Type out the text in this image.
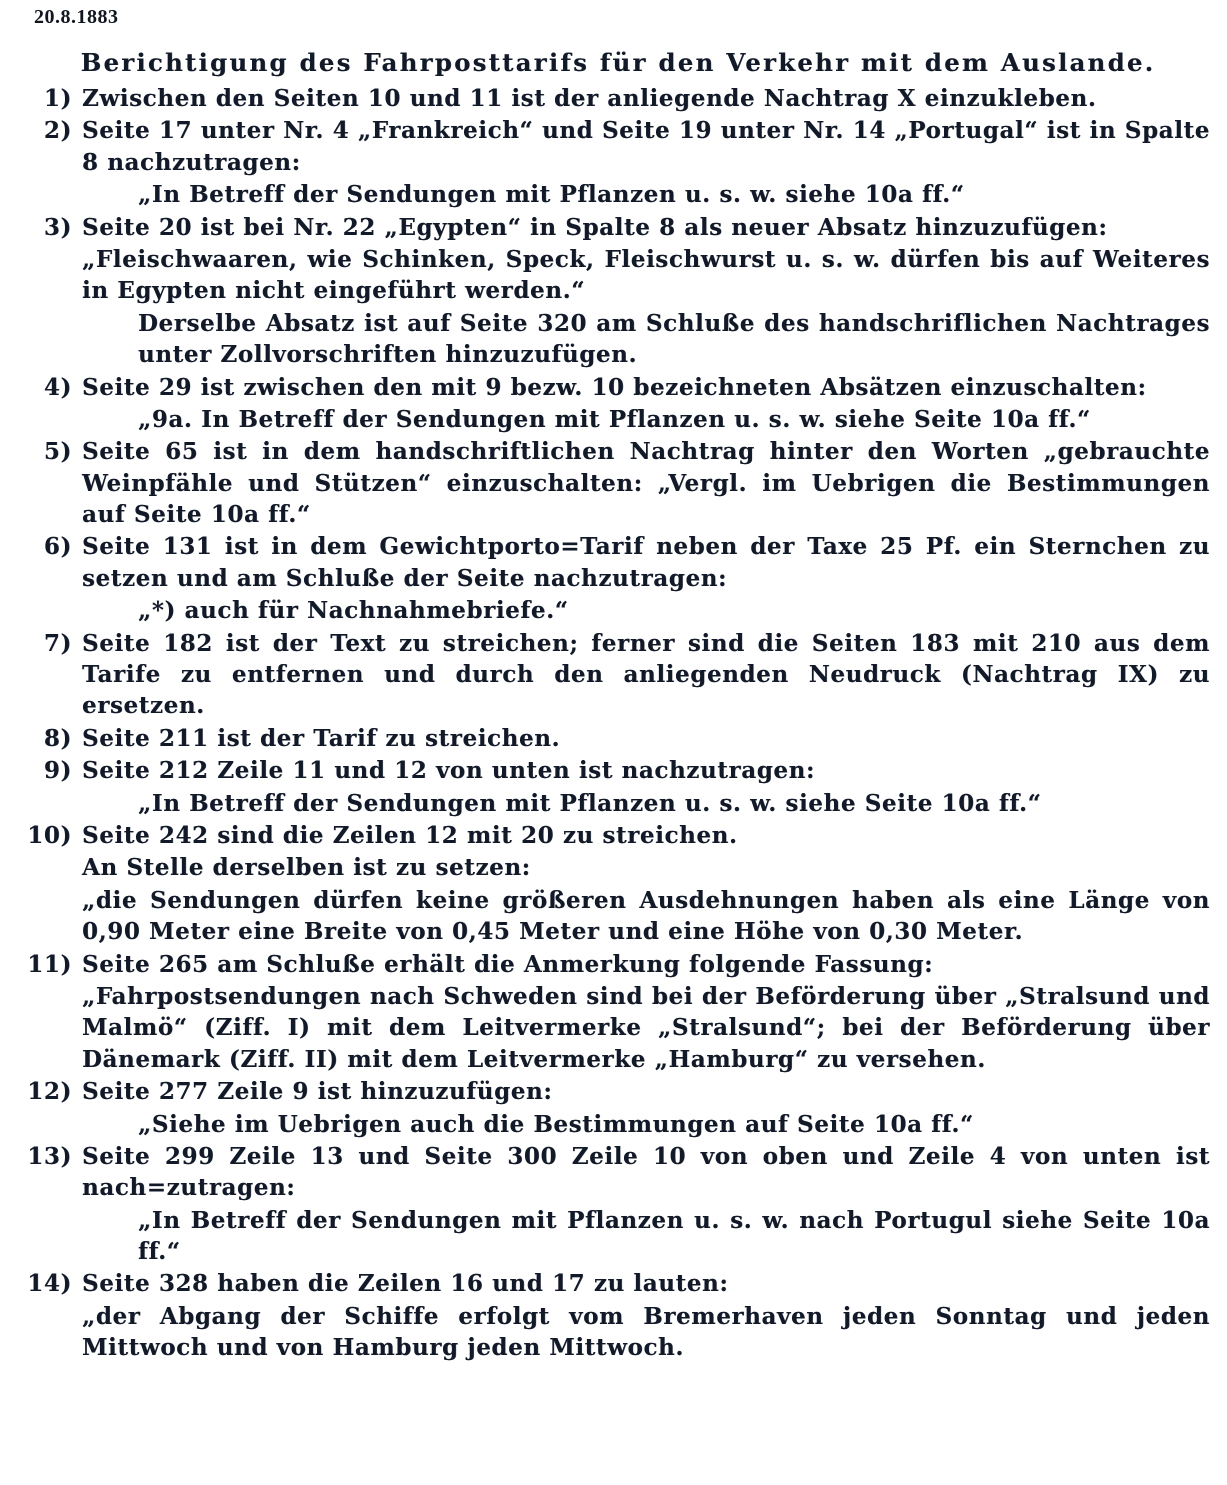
20.8.1883
Berichtigung des Fahrposttarifs für den Verkehr mit dem Auslande.
1) Zwischen den Seiten 10 und 11 ist der anliegende Nachtrag X einzukleben.
2) Seite 17 unter Nr. 4 „Frankreich“ und Seite 19 unter Nr. 14 „Portugal“ ist in Spalte 8 nachzutragen:
„In Betreff der Sendungen mit Pflanzen u. s. w. siehe 10a ff.“
3) Seite 20 ist bei Nr. 22 „Egypten“ in Spalte 8 als neuer Absatz hinzuzufügen:
„Fleischwaaren, wie Schinken, Speck, Fleischwurst u. s. w. dürfen bis auf Weiteres in Egypten nicht eingeführt werden.“
Derselbe Absatz ist auf Seite 320 am Schluße des handschriflichen Nachtrages unter Zollvorschriften hinzuzufügen.
4) Seite 29 ist zwischen den mit 9 bezw. 10 bezeichneten Absätzen einzuschalten:
„9a. In Betreff der Sendungen mit Pflanzen u. s. w. siehe Seite 10a ff.“
5) Seite 65 ist in dem handschriftlichen Nachtrag hinter den Worten „gebrauchte Weinpfähle und Stützen“ einzuschalten: „Vergl. im Uebrigen die Bestimmungen auf Seite 10a ff.“
6) Seite 131 ist in dem Gewichtporto=Tarif neben der Taxe 25 Pf. ein Sternchen zu setzen und am Schluße der Seite nachzutragen:
„*) auch für Nachnahmebriefe.“
7) Seite 182 ist der Text zu streichen; ferner sind die Seiten 183 mit 210 aus dem Tarife zu entfernen und durch den anliegenden Neudruck (Nachtrag IX) zu ersetzen.
8) Seite 211 ist der Tarif zu streichen.
9) Seite 212 Zeile 11 und 12 von unten ist nachzutragen:
„In Betreff der Sendungen mit Pflanzen u. s. w. siehe Seite 10a ff.“
10) Seite 242 sind die Zeilen 12 mit 20 zu streichen.
An Stelle derselben ist zu setzen:
„die Sendungen dürfen keine größeren Ausdehnungen haben als eine Länge von 0,90 Meter eine Breite von 0,45 Meter und eine Höhe von 0,30 Meter.
11) Seite 265 am Schluße erhält die Anmerkung folgende Fassung:
„Fahrpostsendungen nach Schweden sind bei der Beförderung über „Stralsund und Malmö“ (Ziff. I) mit dem Leitvermerke „Stralsund“; bei der Beförderung über Dänemark (Ziff. II) mit dem Leitvermerke „Hamburg“ zu versehen.
12) Seite 277 Zeile 9 ist hinzuzufügen:
„Siehe im Uebrigen auch die Bestimmungen auf Seite 10a ff.“
13) Seite 299 Zeile 13 und Seite 300 Zeile 10 von oben und Zeile 4 von unten ist nach=zutragen:
„In Betreff der Sendungen mit Pflanzen u. s. w. nach Portugul siehe Seite 10a ff.“
14) Seite 328 haben die Zeilen 16 und 17 zu lauten:
„der Abgang der Schiffe erfolgt vom Bremerhaven jeden Sonntag und jeden Mittwoch und von Hamburg jeden Mittwoch.
